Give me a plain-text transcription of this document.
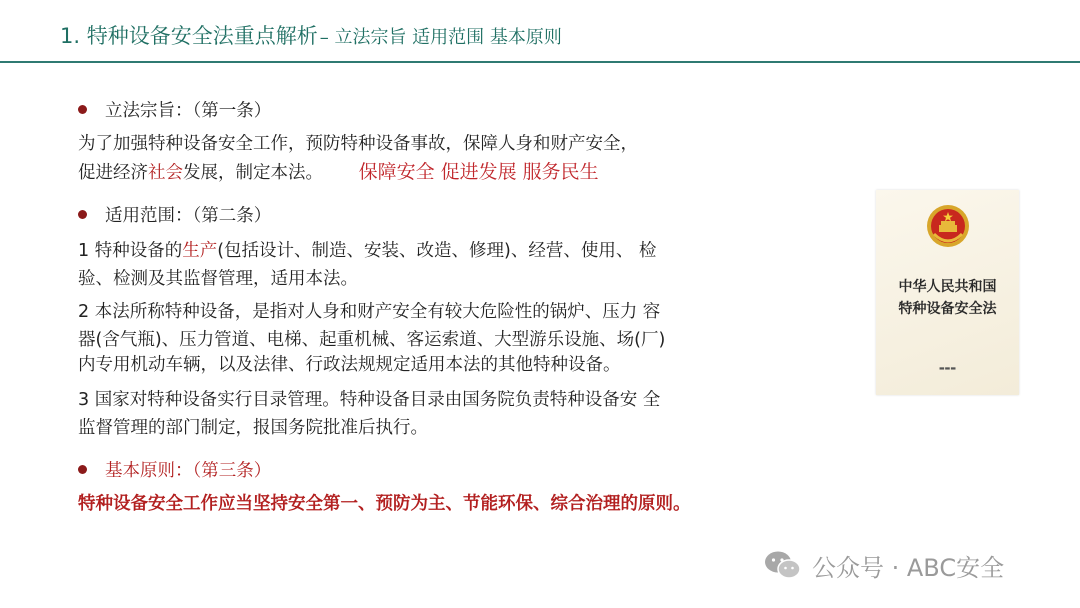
1. 特种设备安全法重点解析 – 立法宗旨 适用范围 基本原则
立法宗旨：（第一条）
为了加强特种设备安全工作，预防特种设备事故，保障人身和财产安全，
促进经济社会发展，制定本法。 保障安全 促进发展 服务民生
适用范围：（第二条）
1 特种设备的生产(包括设计、制造、安装、改造、修理)、经营、使用、 检
验、检测及其监督管理，适用本法。
2 本法所称特种设备，是指对人身和财产安全有较大危险性的锅炉、压力 容
器(含气瓶)、压力管道、电梯、起重机械、客运索道、大型游乐设施、场(厂)
内专用机动车辆，以及法律、行政法规规定适用本法的其他特种设备。
3 国家对特种设备实行目录管理。特种设备目录由国务院负责特种设备安 全
监督管理的部门制定，报国务院批准后执行。
基本原则：（第三条）
特种设备安全工作应当坚持安全第一、预防为主、节能环保、综合治理的原则。
中华人民共和国
特种设备安全法
▬▬▬
公众号 · ABC安全
